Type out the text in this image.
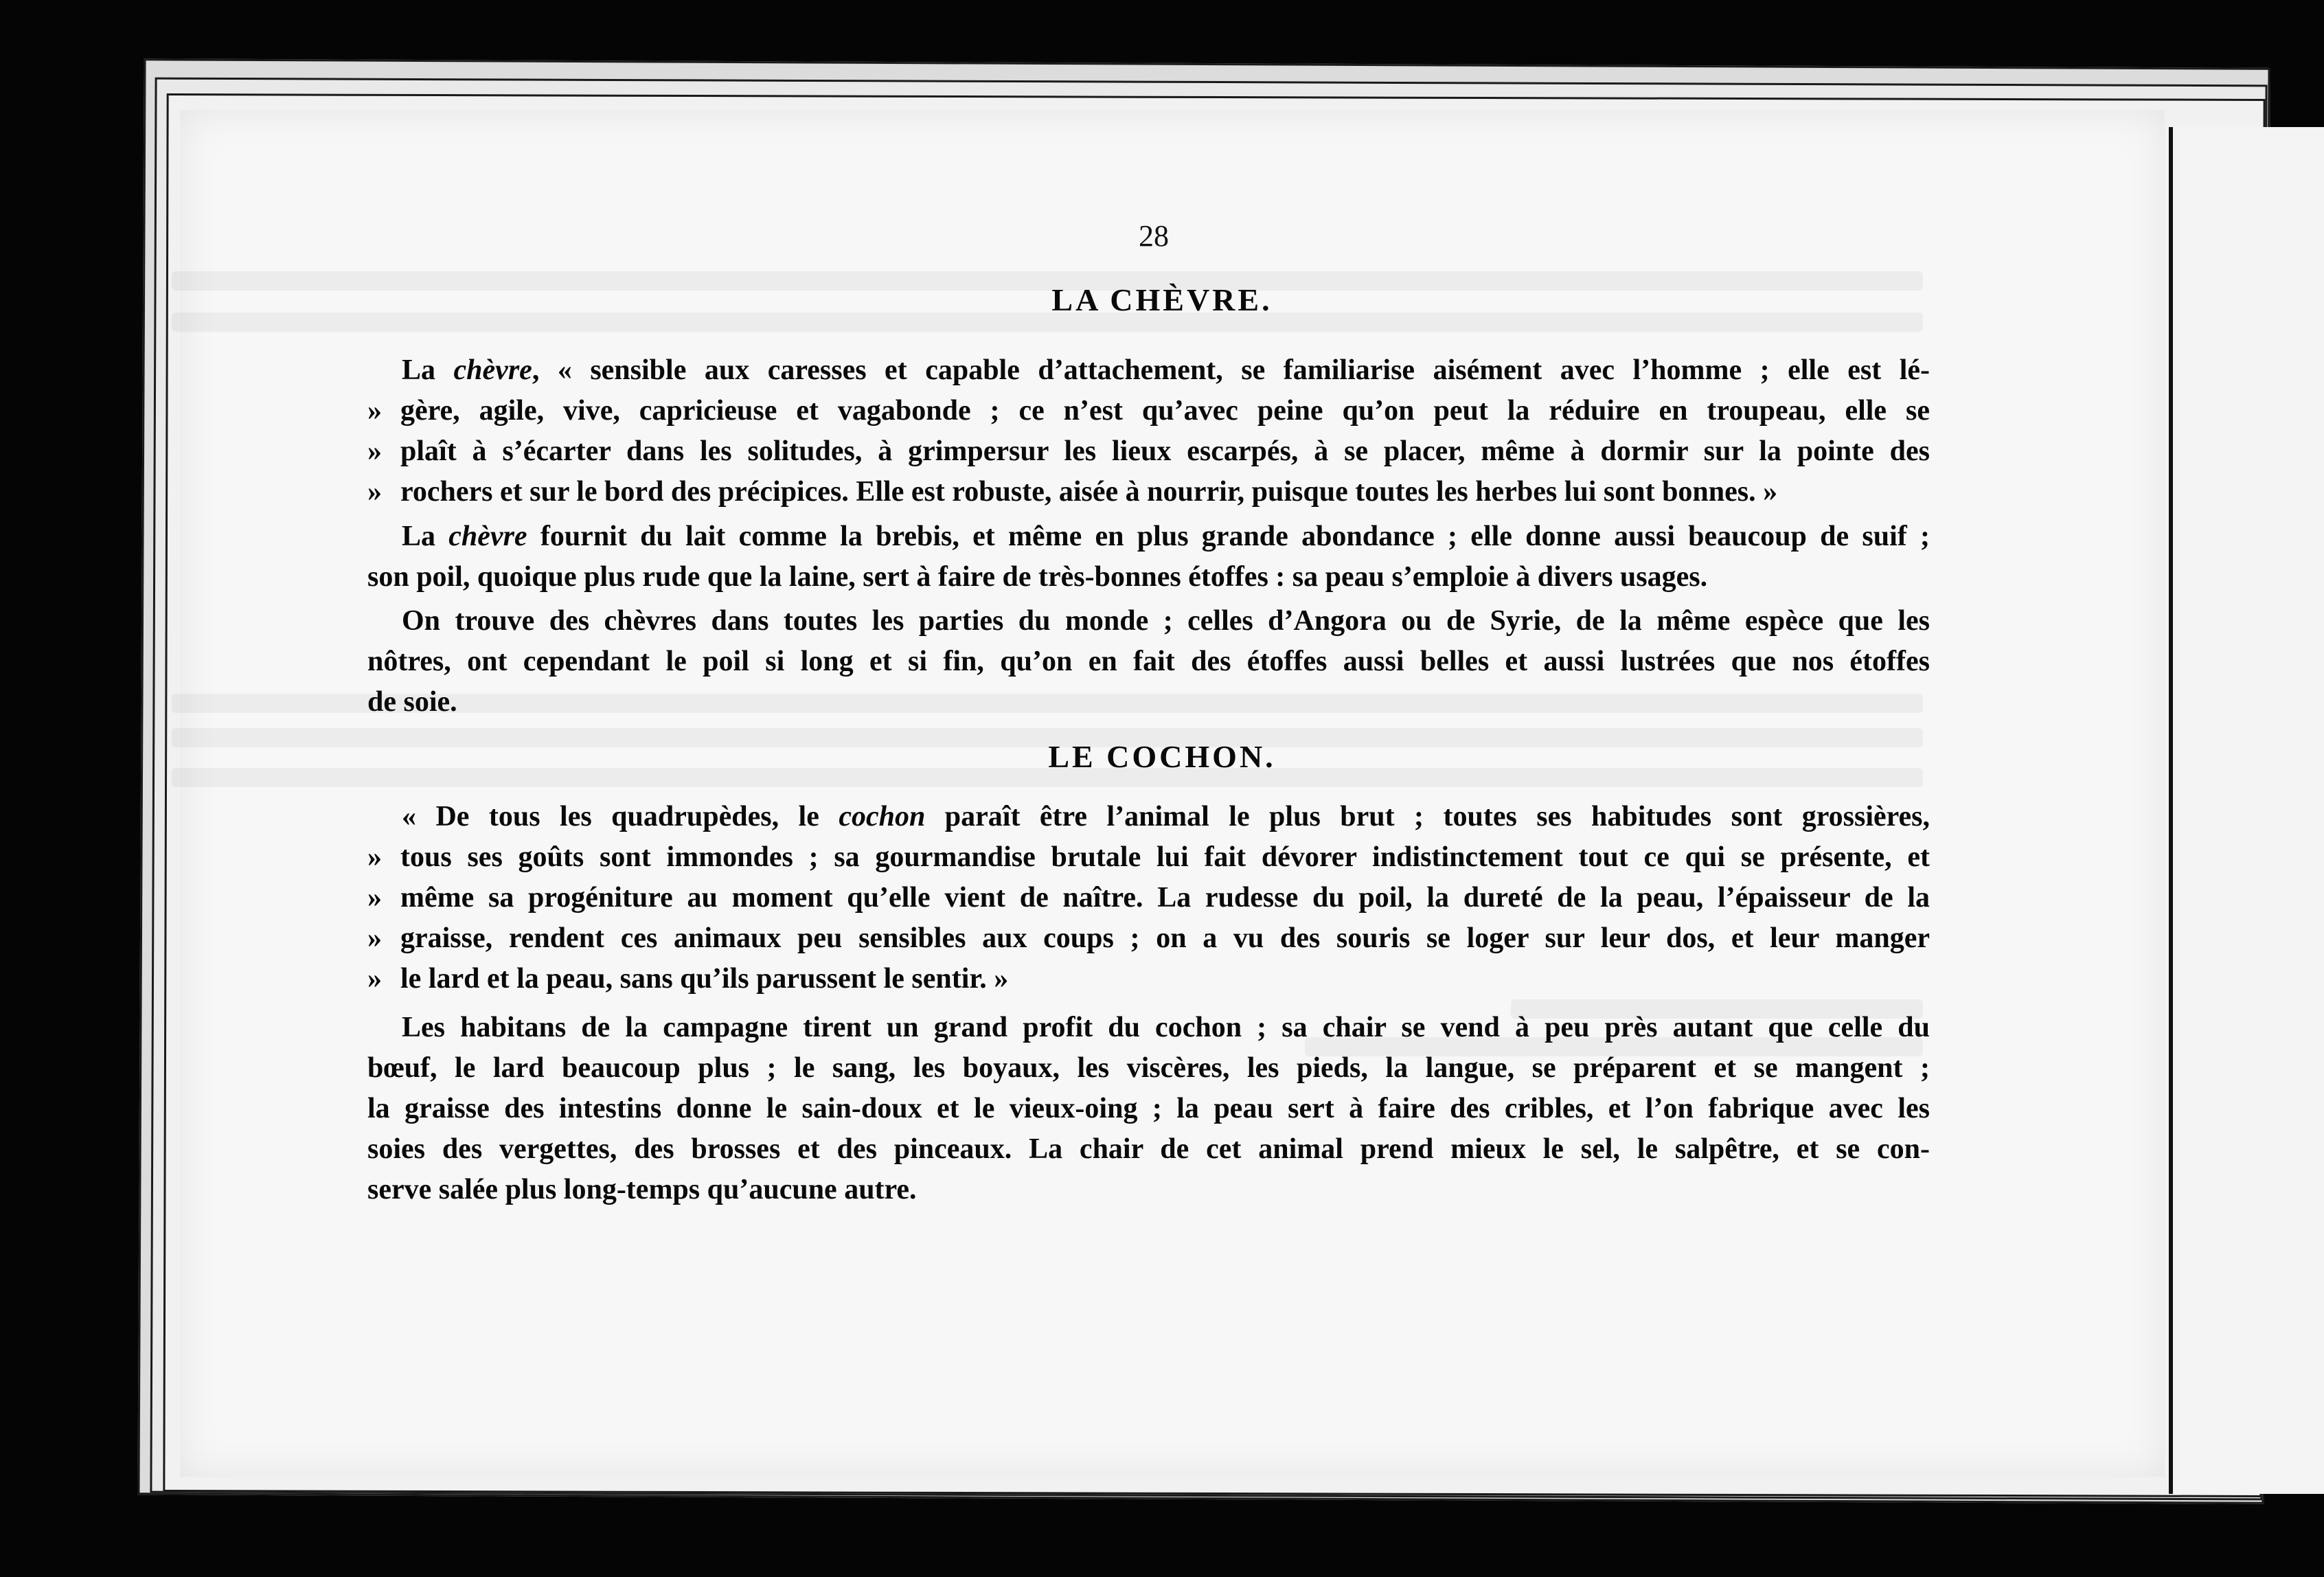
28
LA CHÈVRE.
La chèvre, « sensible aux caresses et capable d’attachement, se familiarise aisément avec l’homme ; elle est lé-
» gère, agile, vive, capricieuse et vagabonde ; ce n’est qu’avec peine qu’on peut la réduire en troupeau, elle se
» plaît à s’écarter dans les solitudes, à grimpersur les lieux escarpés, à se placer, même à dormir sur la pointe des
» rochers et sur le bord des précipices. Elle est robuste, aisée à nourrir, puisque toutes les herbes lui sont bonnes. »
La chèvre fournit du lait comme la brebis, et même en plus grande abondance ; elle donne aussi beaucoup de suif ;
son poil, quoique plus rude que la laine, sert à faire de très-bonnes étoffes : sa peau s’emploie à divers usages.
On trouve des chèvres dans toutes les parties du monde ; celles d’Angora ou de Syrie, de la même espèce que les
nôtres, ont cependant le poil si long et si fin, qu’on en fait des étoffes aussi belles et aussi lustrées que nos étoffes
de soie.
LE COCHON.
« De tous les quadrupèdes, le cochon paraît être l’animal le plus brut ; toutes ses habitudes sont grossières,
» tous ses goûts sont immondes ; sa gourmandise brutale lui fait dévorer indistinctement tout ce qui se présente, et
» même sa progéniture au moment qu’elle vient de naître. La rudesse du poil, la dureté de la peau, l’épaisseur de la
» graisse, rendent ces animaux peu sensibles aux coups ; on a vu des souris se loger sur leur dos, et leur manger
» le lard et la peau, sans qu’ils parussent le sentir. »
Les habitans de la campagne tirent un grand profit du cochon ; sa chair se vend à peu près autant que celle du
bœuf, le lard beaucoup plus ; le sang, les boyaux, les viscères, les pieds, la langue, se préparent et se mangent ;
la graisse des intestins donne le sain-doux et le vieux-oing ; la peau sert à faire des cribles, et l’on fabrique avec les
soies des vergettes, des brosses et des pinceaux. La chair de cet animal prend mieux le sel, le salpêtre, et se con-
serve salée plus long-temps qu’aucune autre.
